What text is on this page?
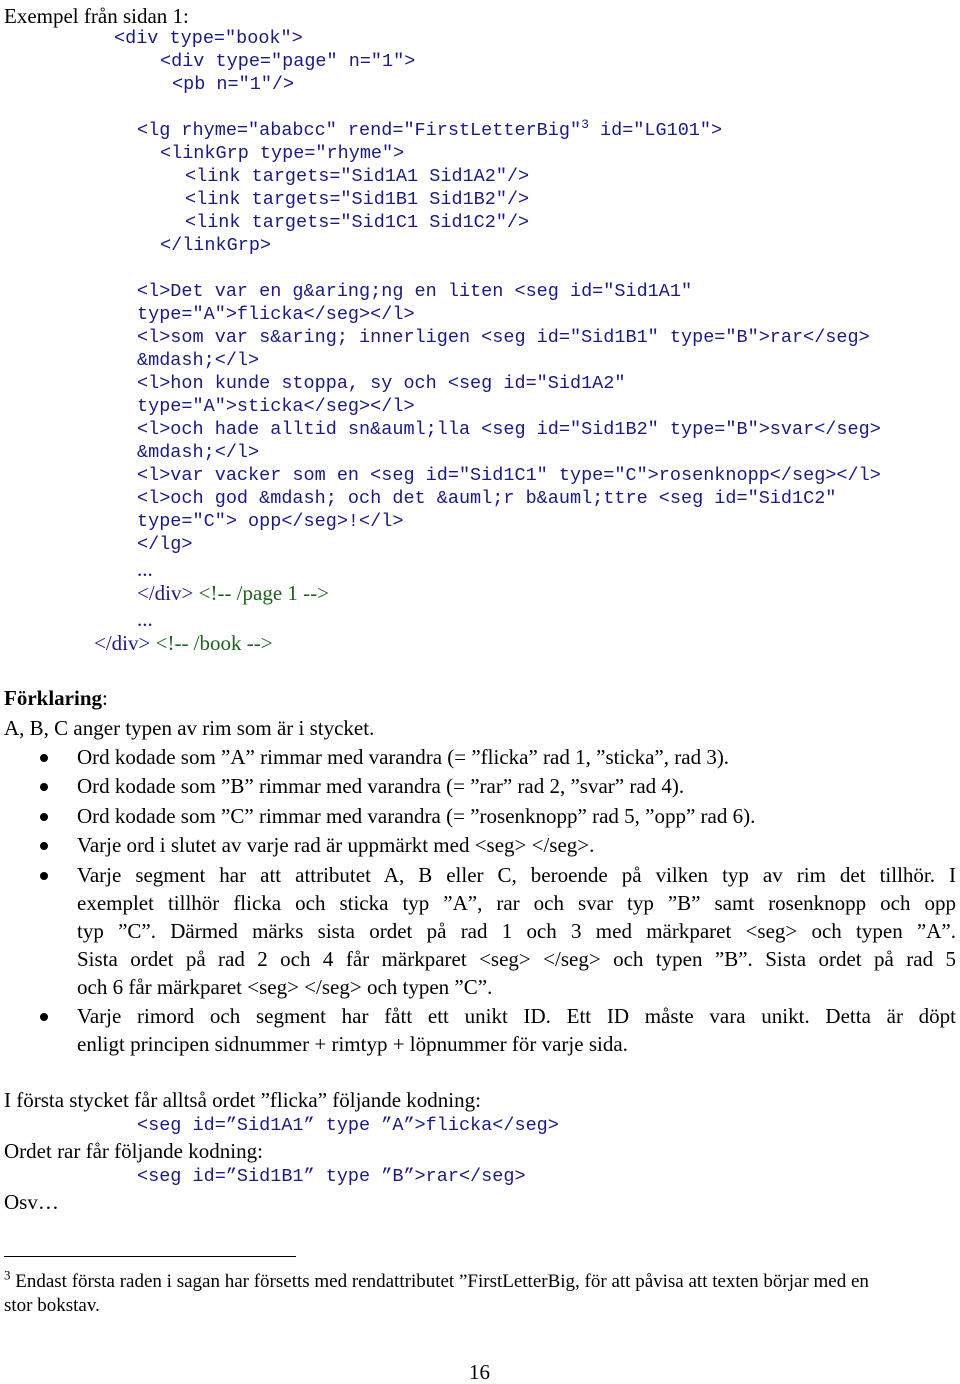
Exempel från sidan 1:
<div type="book">
<div type="page" n="1">
<pb n="1"/>
<lg rhyme="ababcc" rend="FirstLetterBig"$^3$ id="LG101">
<linkGrp type="rhyme">
<link targets="Sid1A1 Sid1A2"/>
<link targets="Sid1B1 Sid1B2"/>
<link targets="Sid1C1 Sid1C2"/>
</linkGrp>
<l>Det var en g&aring;ng en liten <seg id="Sid1A1"
type="A">flicka</seg></l>
<l>som var s&aring; innerligen <seg id="Sid1B1" type="B">rar</seg>
&mdash;</l>
<l>hon kunde stoppa, sy och <seg id="Sid1A2"
type="A">sticka</seg></l>
<l>och hade alltid sn&auml;lla <seg id="Sid1B2" type="B">svar</seg>
&mdash;</l>
<l>var vacker som en <seg id="Sid1C1" type="C">rosenknopp</seg></l>
<l>och god &mdash; och det &auml;r b&auml;ttre <seg id="Sid1C2"
type="C"> opp</seg>!</l>
</lg>
...
</div> <!-- /page 1 -->
...
</div> <!-- /book -->
Förklaring:
A, B, C anger typen av rim som är i stycket.
Ord kodade som ”A” rimmar med varandra (= ”flicka” rad 1, ”sticka”, rad 3).
Ord kodade som ”B” rimmar med varandra (= ”rar” rad 2, ”svar” rad 4).
Ord kodade som ”C” rimmar med varandra (= ”rosenknopp” rad 5, ”opp” rad 6).
Varje ord i slutet av varje rad är uppmärkt med <seg> </seg>.
Varje segment har att attributet A, B eller C, beroende på vilken typ av rim det tillhör. I
exemplet tillhör flicka och sticka typ ”A”, rar och svar typ ”B” samt rosenknopp och opp
typ ”C”. Därmed märks sista ordet på rad 1 och 3 med märkparet <seg> och typen ”A”.
Sista ordet på rad 2 och 4 får märkparet <seg> </seg> och typen ”B”. Sista ordet på rad 5
och 6 får märkparet <seg> </seg> och typen ”C”.
Varje rimord och segment har fått ett unikt ID. Ett ID måste vara unikt. Detta är döpt
enligt principen sidnummer + rimtyp + löpnummer för varje sida.
I första stycket får alltså ordet ”flicka” följande kodning:
<seg id=”Sid1A1” type ”A”>flicka</seg>
Ordet rar får följande kodning:
<seg id=”Sid1B1” type ”B”>rar</seg>
Osv…
$^3$ Endast första raden i sagan har försetts med rendattributet ”FirstLetterBig, för att påvisa att texten börjar med en
stor bokstav.
16
